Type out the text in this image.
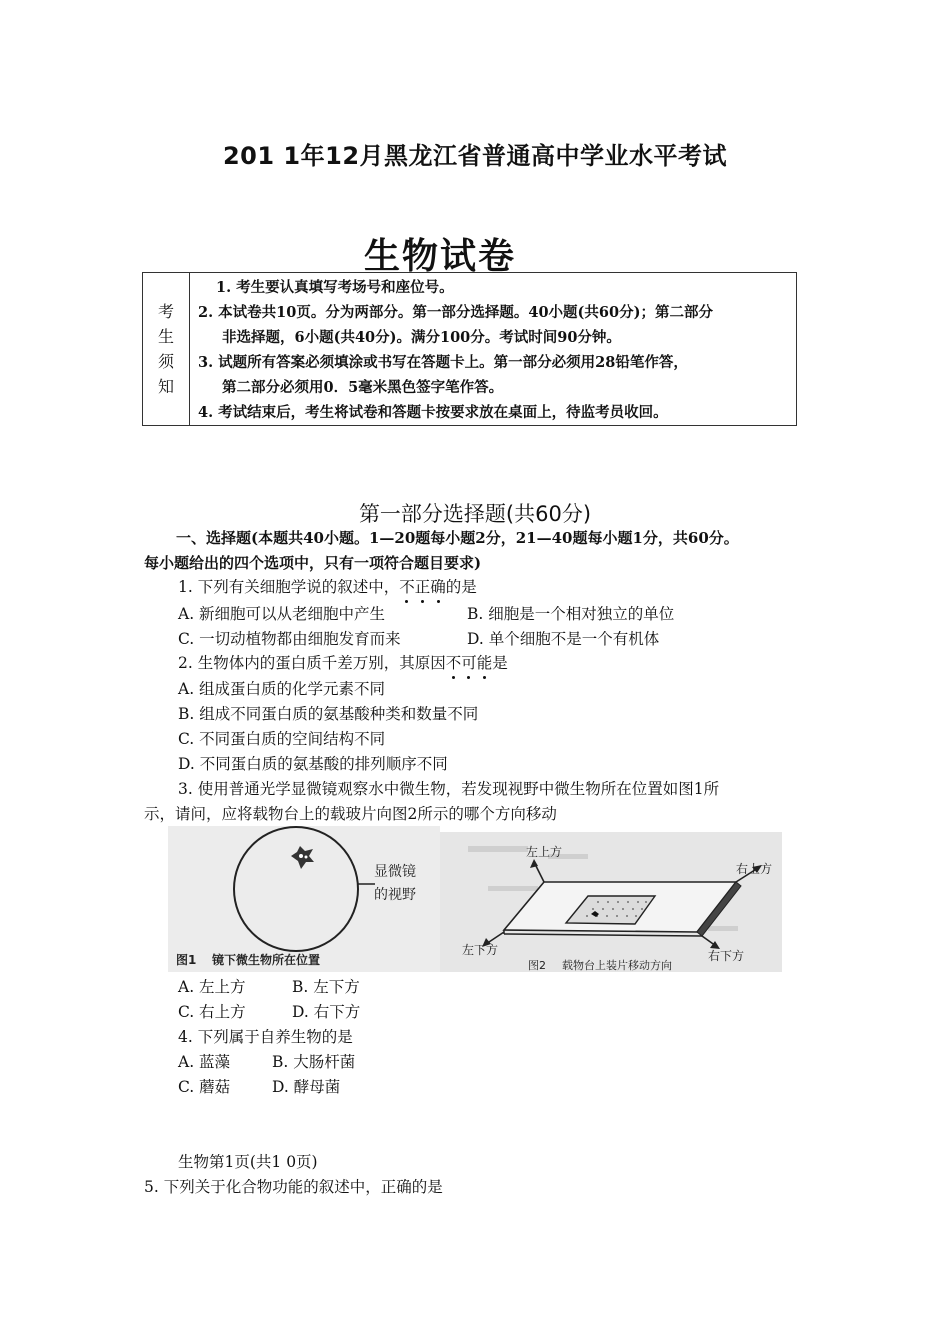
201 1年12月黑龙江省普通高中学业水平考试
生物试卷
考
生
须
知

1. 考生要认真填写考场号和座位号。
2. 本试卷共10页。分为两部分。第一部分选择题。40小题(共60分)；第二部分
非选择题，6小题(共40分)。满分100分。考试时间90分钟。
3. 试题所有答案必须填涂或书写在答题卡上。第一部分必须用28铅笔作答，
第二部分必须用0．5毫米黑色签字笔作答。
4. 考试结束后，考生将试卷和答题卡按要求放在桌面上，待监考员收回。
第一部分选择题(共60分)
一、选择题(本题共40小题。1—20题每小题2分，21—40题每小题1分，共60分。
每小题给出的四个选项中，只有一项符合题目要求)
1. 下列有关细胞学说的叙述中，不正确的是
A. 新细胞可以从老细胞中产生	B. 细胞是一个相对独立的单位
C. 一切动植物都由细胞发育而来	D. 单个细胞不是一个有机体
2. 生物体内的蛋白质千差万别，其原因不可能是
A. 组成蛋白质的化学元素不同
B. 组成不同蛋白质的氨基酸种类和数量不同
C. 不同蛋白质的空间结构不同
D. 不同蛋白质的氨基酸的排列顺序不同
3. 使用普通光学显微镜观察水中微生物，若发现视野中微生物所在位置如图1所
示，请问，应将载物台上的载玻片向图2所示的哪个方向移动
显微镜
的视野
图1 镜下微生物所在位置
左上方
右上方
左下方	右下方
图2 载物台上装片移动方向
A. 左上方	B. 左下方
C. 右上方	D. 右下方
4. 下列属于自养生物的是
A. 蓝藻	B. 大肠杆菌
C. 蘑菇	D. 酵母菌
生物第1页(共1 0页)
5. 下列关于化合物功能的叙述中，正确的是
